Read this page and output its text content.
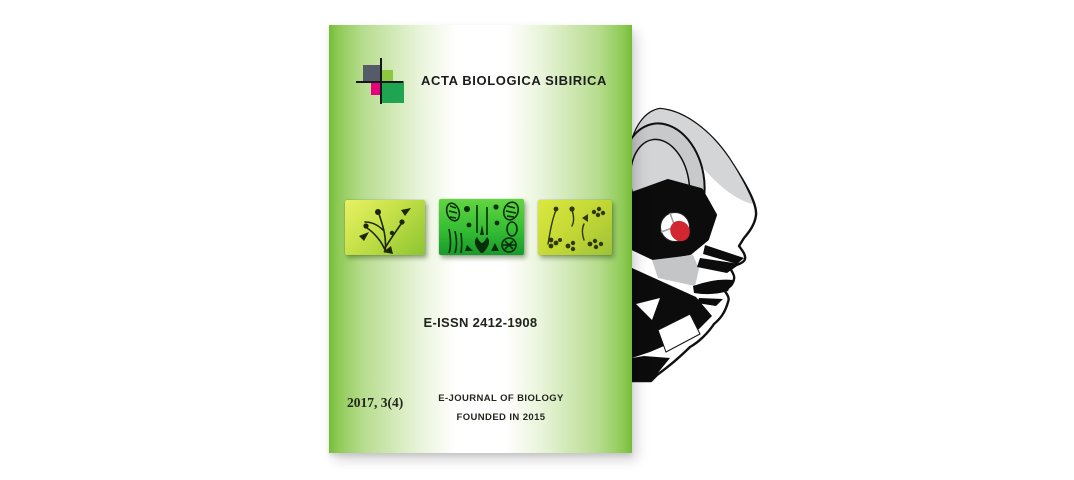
ACTA BIOLOGICA SIBIRICA
E-ISSN 2412-1908
2017, 3(4)	E-JOURNAL OF BIOLOGY
FOUNDED IN 2015
